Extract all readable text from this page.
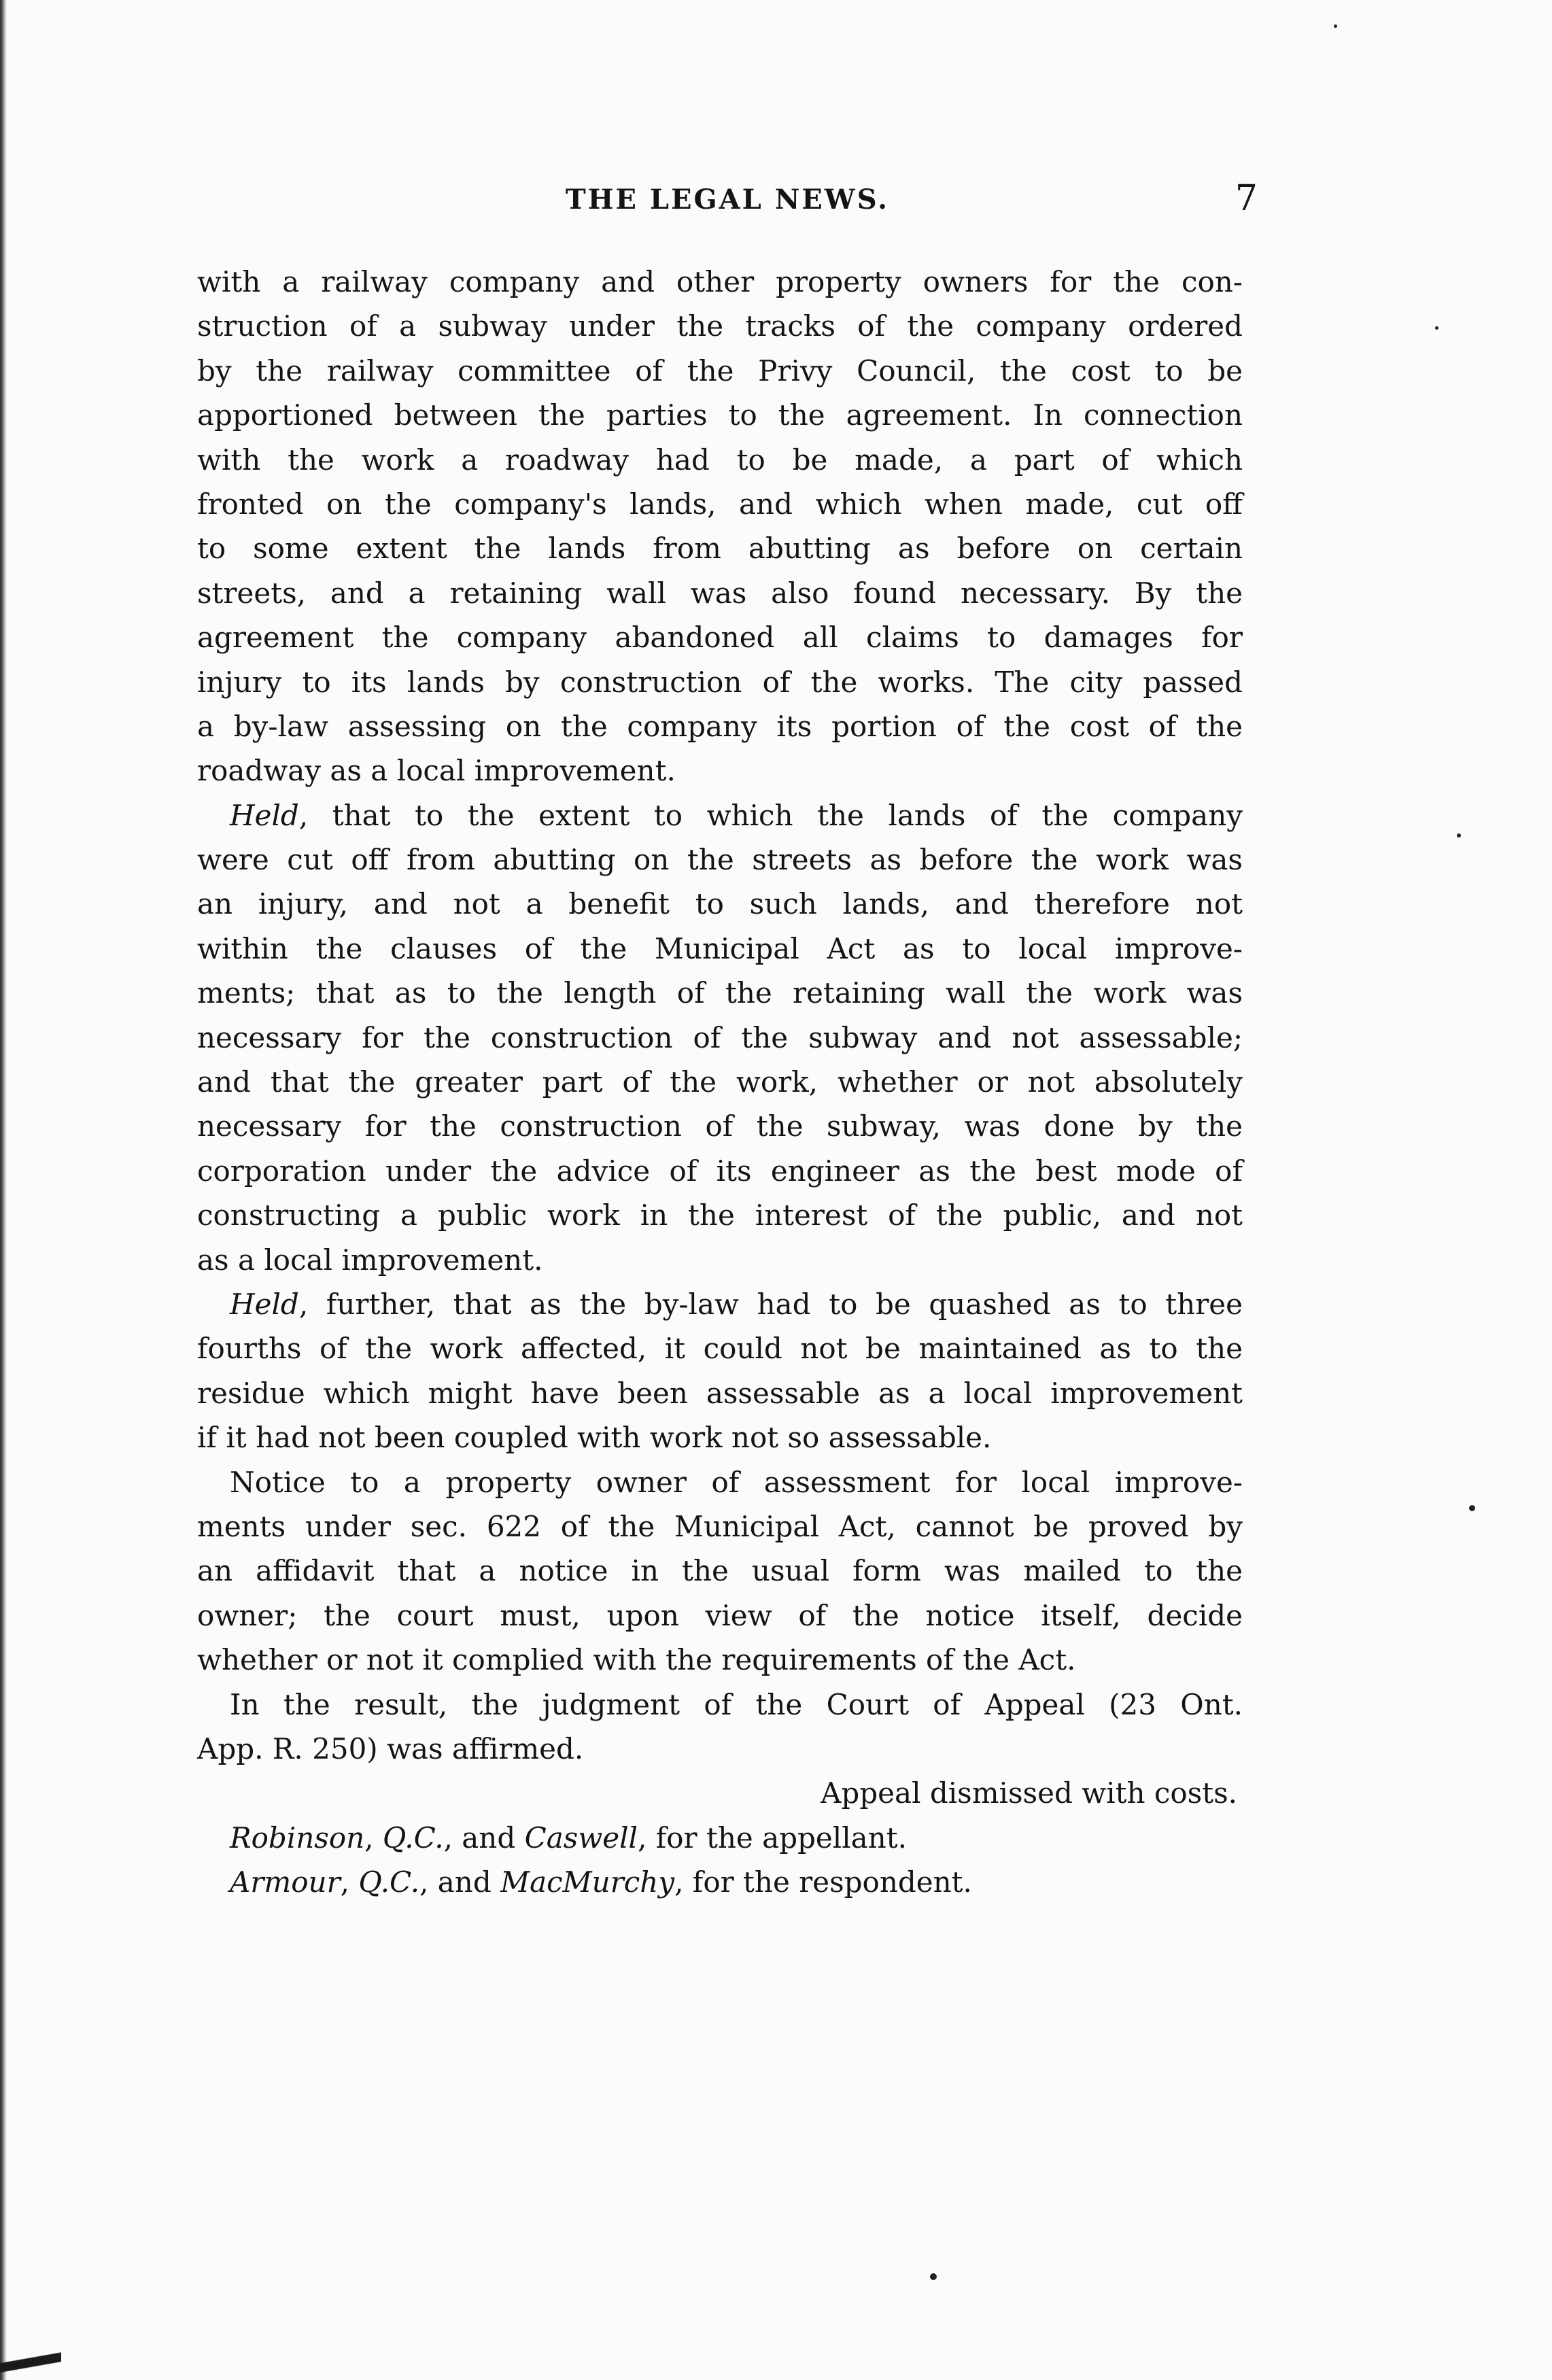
THE LEGAL NEWS.	7
with a railway company and other property owners for the con-
struction of a subway under the tracks of the company ordered
by the railway committee of the Privy Council, the cost to be
apportioned between the parties to the agreement. In connection
with the work a roadway had to be made, a part of which
fronted on the company's lands, and which when made, cut off
to some extent the lands from abutting as before on certain
streets, and a retaining wall was also found necessary. By the
agreement the company abandoned all claims to damages for
injury to its lands by construction of the works. The city passed
a by-law assessing on the company its portion of the cost of the
roadway as a local improvement.
Held, that to the extent to which the lands of the company
were cut off from abutting on the streets as before the work was
an injury, and not a benefit to such lands, and therefore not
within the clauses of the Municipal Act as to local improve-
ments; that as to the length of the retaining wall the work was
necessary for the construction of the subway and not assessable;
and that the greater part of the work, whether or not absolutely
necessary for the construction of the subway, was done by the
corporation under the advice of its engineer as the best mode of
constructing a public work in the interest of the public, and not
as a local improvement.
Held, further, that as the by-law had to be quashed as to three
fourths of the work affected, it could not be maintained as to the
residue which might have been assessable as a local improvement
if it had not been coupled with work not so assessable.
Notice to a property owner of assessment for local improve-
ments under sec. 622 of the Municipal Act, cannot be proved by
an affidavit that a notice in the usual form was mailed to the
owner; the court must, upon view of the notice itself, decide
whether or not it complied with the requirements of the Act.
In the result, the judgment of the Court of Appeal (23 Ont.
App. R. 250) was affirmed.
Appeal dismissed with costs.
Robinson, Q.C., and Caswell, for the appellant.
Armour, Q.C., and MacMurchy, for the respondent.
